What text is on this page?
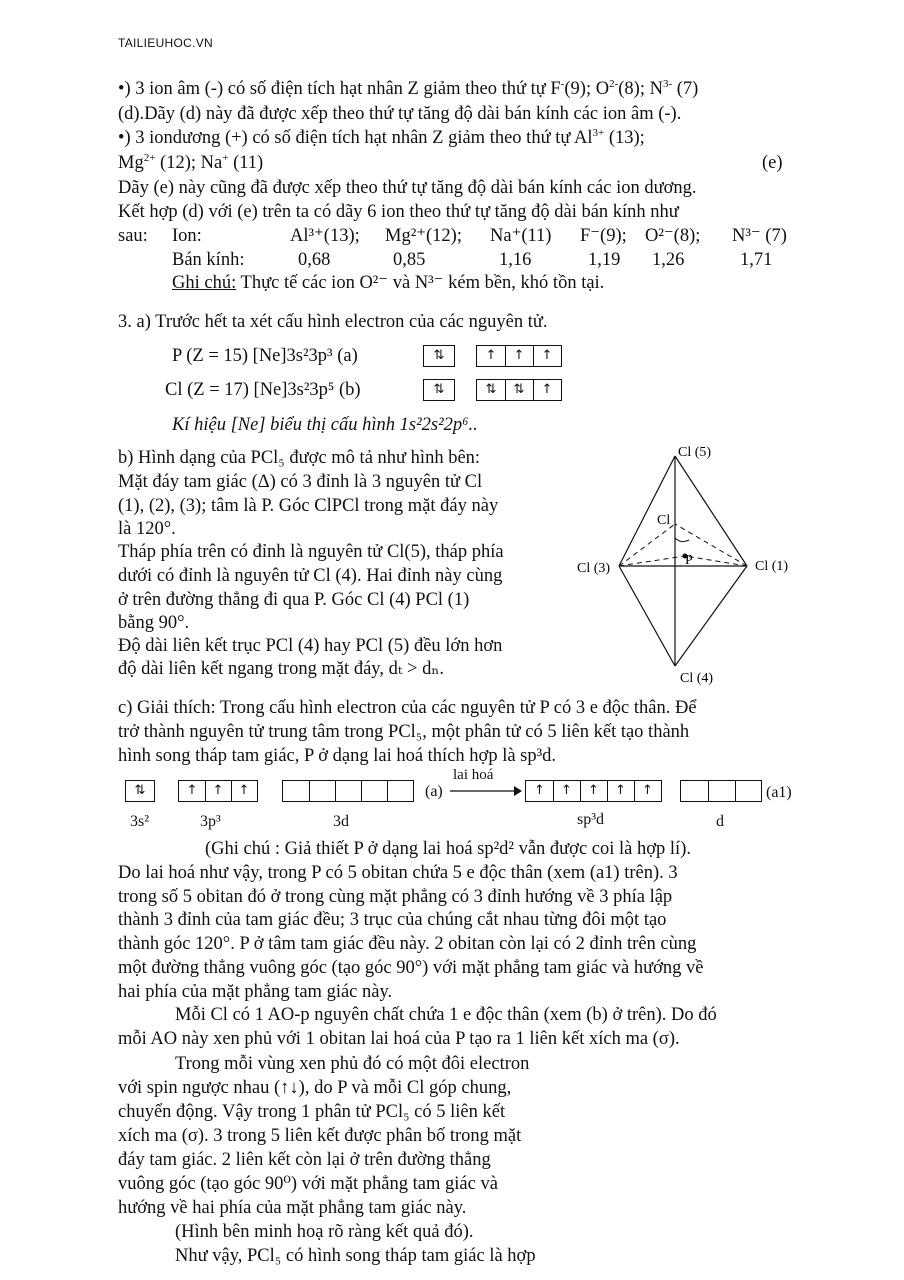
TAILIEUHOC.VN
•) 3 ion âm (-) có số điện tích hạt nhân Z giảm theo thứ tự F-(9); $O^{2-}(8)$; $N^{3-}$ (7)
(d).Dãy (d) này đã được xếp theo thứ tự tăng độ dài bán kính các ion âm (-).
•) 3 iondương (+) có số điện tích hạt nhân Z giảm theo thứ tự $Al^{3+}$ (13);
$Mg^{2+}$ (12); Na+ (11)	(e)
Dãy (e) này cũng đã được xếp theo thứ tự tăng độ dài bán kính các ion dương.
Kết hợp (d) với (e) trên ta có dãy 6 ion theo thứ tự tăng độ dài bán kính như
sau: Ion:	Al³⁺(13); Mg²⁺(12); Na⁺(11) F⁻(9); O²⁻(8); N³⁻ (7)
Bán kính:	0,68	0,85	1,16	1,19 1,26	1,71
Ghi chú: Thực tế các ion O²⁻ và N³⁻ kém bền, khó tồn tại.
3. a) Trước hết ta xét cấu hình electron của các nguyên tử.
P (Z = 15) [Ne]3s²3p³ (a)
Cl (Z = 17) [Ne]3s²3p⁵ (b)
⇅	↑	↑	↑
⇅	⇅	⇅	↑
Kí hiệu [Ne] biểu thị cấu hình 1s²2s²2p⁶..
b) Hình dạng của PCl₅ được mô tả như hình bên:
Mặt đáy tam giác (Δ) có 3 đỉnh là 3 nguyên tử Cl
(1), (2), (3); tâm là P. Góc ClPCl trong mặt đáy này
là 120°.
Tháp phía trên có đỉnh là nguyên tử Cl(5), tháp phía
dưới có đỉnh là nguyên tử Cl (4). Hai đỉnh này cùng
ở trên đường thẳng đi qua P. Góc Cl (4) PCl (1)
bằng 90°.
Độ dài liên kết trục PCl (4) hay PCl (5) đều lớn hơn
độ dài liên kết ngang trong mặt đáy, dₜ > dₙ.
Cl (5)
Cl (1)
Cl (3)
Cl (4)
Cl
P
c) Giải thích: Trong cấu hình electron của các nguyên tử P có 3 e độc thân. Để
trở thành nguyên tử trung tâm trong PCl₅, một phân tử có 5 liên kết tạo thành
hình song tháp tam giác, P ở dạng lai hoá thích hợp là sp³d.
⇅	↑	↑	↑	(a)
lai hoá
↑	↑	↑	↑	↑	(a1)
3s²	3p³	3d	sp³d	d
(Ghi chú : Giả thiết P ở dạng lai hoá sp²d² vẫn được coi là hợp lí).
Do lai hoá như vậy, trong P có 5 obitan chứa 5 e độc thân (xem (a1) trên). 3
trong số 5 obitan đó ở trong cùng mặt phẳng có 3 đỉnh hướng về 3 phía lập
thành 3 đỉnh của tam giác đều; 3 trục của chúng cắt nhau từng đôi một tạo
thành góc 120°. P ở tâm tam giác đều này. 2 obitan còn lại có 2 đỉnh trên cùng
một đường thẳng vuông góc (tạo góc 90°) với mặt phẳng tam giác và hướng về
hai phía của mặt phẳng tam giác này.
Mỗi Cl có 1 AO-p nguyên chất chứa 1 e độc thân (xem (b) ở trên). Do đó
mỗi AO này xen phủ với 1 obitan lai hoá của P tạo ra 1 liên kết xích ma (σ).
Trong mỗi vùng xen phủ đó có một đôi electron
với spin ngược nhau (↑↓), do P và mỗi Cl góp chung,
chuyển động. Vậy trong 1 phân tử PCl₅ có 5 liên kết
xích ma (σ). 3 trong 5 liên kết được phân bố trong mặt
đáy tam giác. 2 liên kết còn lại ở trên đường thẳng
vuông góc (tạo góc 90⁰) với mặt phẳng tam giác và
hướng về hai phía của mặt phẳng tam giác này.
(Hình bên minh hoạ rõ ràng kết quả đó).
Như vậy, PCl₅ có hình song tháp tam giác là hợp
